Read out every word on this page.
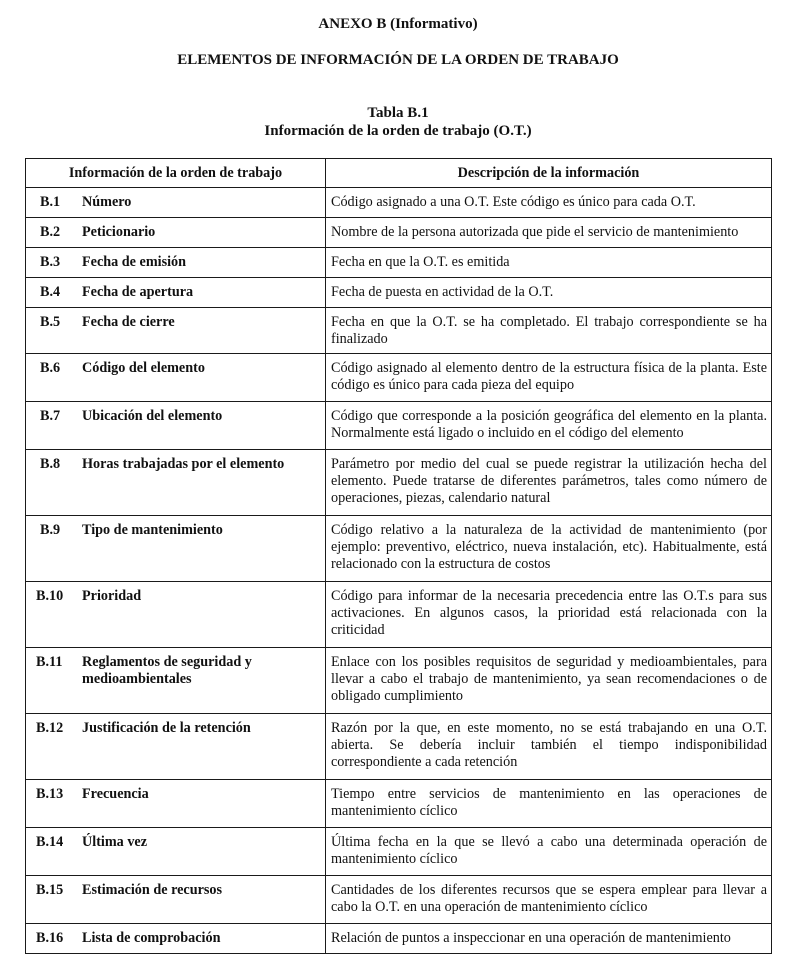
ANEXO B (Informativo)
ELEMENTOS DE INFORMACIÓN DE LA ORDEN DE TRABAJO
Tabla B.1
Información de la orden de trabajo (O.T.)
Información de la orden de trabajo	Descripción de la información

B.1 Número	Código asignado a una O.T. Este código es único para cada O.T.

B.2 Peticionario	Nombre de la persona autorizada que pide el servicio de mantenimiento

B.3 Fecha de emisión	Fecha en que la O.T. es emitida

B.4 Fecha de apertura	Fecha de puesta en actividad de la O.T.

B.5 Fecha de cierre	Fecha en que la O.T. se ha completado. El trabajo correspondiente se ha finalizado

B.6 Código del elemento	Código asignado al elemento dentro de la estructura física de la planta. Este código es único para cada pieza del equipo

B.7 Ubicación del elemento	Código que corresponde a la posición geográfica del elemento en la planta. Normalmente está ligado o incluido en el código del elemento

B.8 Horas trabajadas por el elemento	Parámetro por medio del cual se puede registrar la utilización hecha del elemento. Puede tratarse de diferentes parámetros, tales como número de operaciones, piezas, calendario natural

B.9 Tipo de mantenimiento	Código relativo a la naturaleza de la actividad de mantenimiento (por ejemplo: preventivo, eléctrico, nueva instalación, etc). Habitualmente, está relacionado con la estructura de costos

B.10 Prioridad	Código para informar de la necesaria precedencia entre las O.T.s para sus activaciones. En algunos casos, la prioridad está relacionada con la criticidad

B.11 Reglamentos de seguridad y medioambientales	Enlace con los posibles requisitos de seguridad y medioambientales, para llevar a cabo el trabajo de mantenimiento, ya sean recomendaciones o de obligado cumplimiento

B.12 Justificación de la retención	Razón por la que, en este momento, no se está trabajando en una O.T. abierta. Se debería incluir también el tiempo indisponibilidad correspondiente a cada retención

B.13 Frecuencia	Tiempo entre servicios de mantenimiento en las operaciones de mantenimiento cíclico

B.14 Última vez	Última fecha en la que se llevó a cabo una determinada operación de mantenimiento cíclico

B.15 Estimación de recursos	Cantidades de los diferentes recursos que se espera emplear para llevar a cabo la O.T. en una operación de mantenimiento cíclico

B.16 Lista de comprobación	Relación de puntos a inspeccionar en una operación de mantenimiento
